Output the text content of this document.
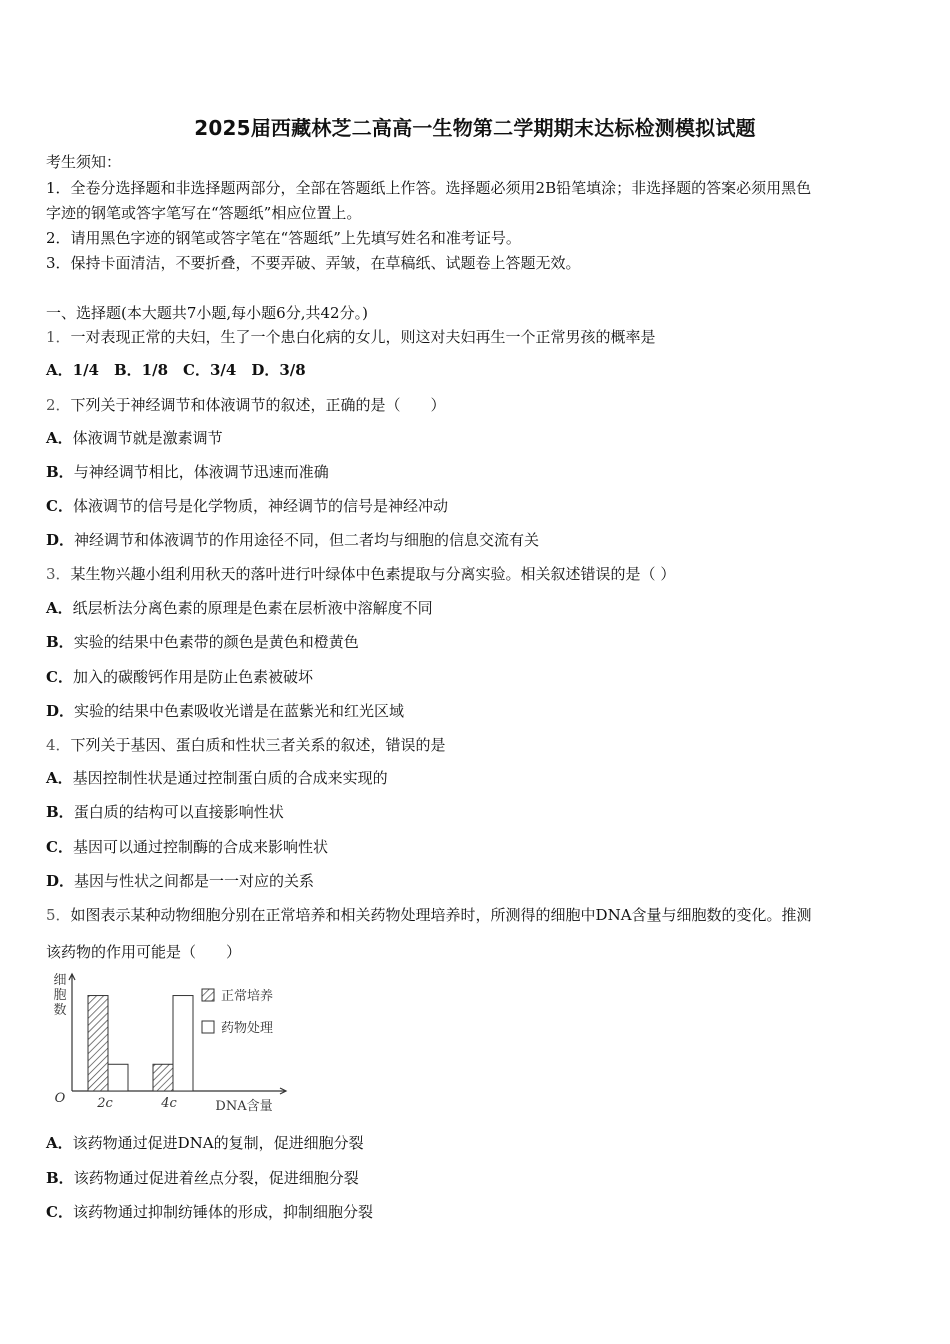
2025届西藏林芝二高高一生物第二学期期末达标检测模拟试题
考生须知：
1．全卷分选择题和非选择题两部分，全部在答题纸上作答。选择题必须用2B铅笔填涂；非选择题的答案必须用黑色
字迹的钢笔或答字笔写在“答题纸”相应位置上。
2．请用黑色字迹的钢笔或答字笔在“答题纸”上先填写姓名和准考证号。
3．保持卡面清洁，不要折叠，不要弄破、弄皱，在草稿纸、试题卷上答题无效。
一、选择题(本大题共7小题,每小题6分,共42分。)
1．一对表现正常的夫妇，生了一个患白化病的女儿，则这对夫妇再生一个正常男孩的概率是
A．1/4　B．1/8　C．3/4　D．3/8
2．下列关于神经调节和体液调节的叙述，正确的是（　　）
A．体液调节就是激素调节
B．与神经调节相比，体液调节迅速而准确
C．体液调节的信号是化学物质，神经调节的信号是神经冲动
D．神经调节和体液调节的作用途径不同，但二者均与细胞的信息交流有关
3．某生物兴趣小组利用秋天的落叶进行叶绿体中色素提取与分离实验。相关叙述错误的是（ ）
A．纸层析法分离色素的原理是色素在层析液中溶解度不同
B．实验的结果中色素带的颜色是黄色和橙黄色
C．加入的碳酸钙作用是防止色素被破坏
D．实验的结果中色素吸收光谱是在蓝紫光和红光区域
4．下列关于基因、蛋白质和性状三者关系的叙述，错误的是
A．基因控制性状是通过控制蛋白质的合成来实现的
B．蛋白质的结构可以直接影响性状
C．基因可以通过控制酶的合成来影响性状
D．基因与性状之间都是一一对应的关系
5．如图表示某种动物细胞分别在正常培养和相关药物处理培养时，所测得的细胞中DNA含量与细胞数的变化。推测
该药物的作用可能是（　　）
细胞数
O
DNA含量
2c	4c
正常培养
药物处理
A．该药物通过促进DNA的复制，促进细胞分裂
B．该药物通过促进着丝点分裂，促进细胞分裂
C．该药物通过抑制纺锤体的形成，抑制细胞分裂
